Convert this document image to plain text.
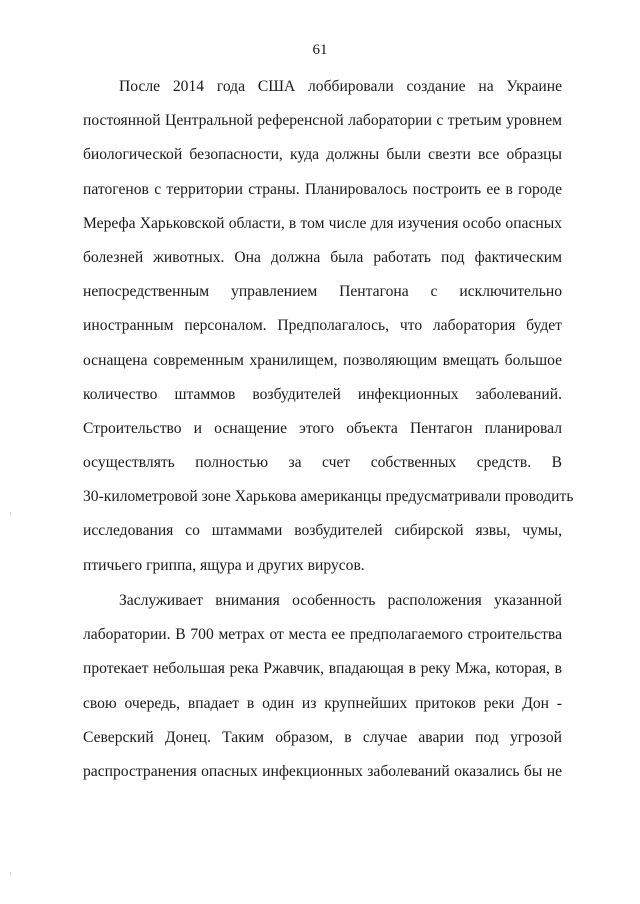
61
После 2014 года США лоббировали создание на Украине
постоянной Центральной референсной лаборатории с третьим уровнем
биологической безопасности, куда должны были свезти все образцы
патогенов с территории страны. Планировалось построить ее в городе
Мерефа Харьковской области, в том числе для изучения особо опасных
болезней животных. Она должна была работать под фактическим
непосредственным управлением Пентагона с исключительно
иностранным персоналом. Предполагалось, что лаборатория будет
оснащена современным хранилищем, позволяющим вмещать большое
количество штаммов возбудителей инфекционных заболеваний.
Строительство и оснащение этого объекта Пентагон планировал
осуществлять полностью за счет собственных средств. В
30-километровой зоне Харькова американцы предусматривали проводить
исследования со штаммами возбудителей сибирской язвы, чумы,
птичьего гриппа, ящура и других вирусов.
Заслуживает внимания особенность расположения указанной
лаборатории. В 700 метрах от места ее предполагаемого строительства
протекает небольшая река Ржавчик, впадающая в реку Мжа, которая, в
свою очередь, впадает в один из крупнейших притоков реки Дон -
Северский Донец. Таким образом, в случае аварии под угрозой
распространения опасных инфекционных заболеваний оказались бы не
